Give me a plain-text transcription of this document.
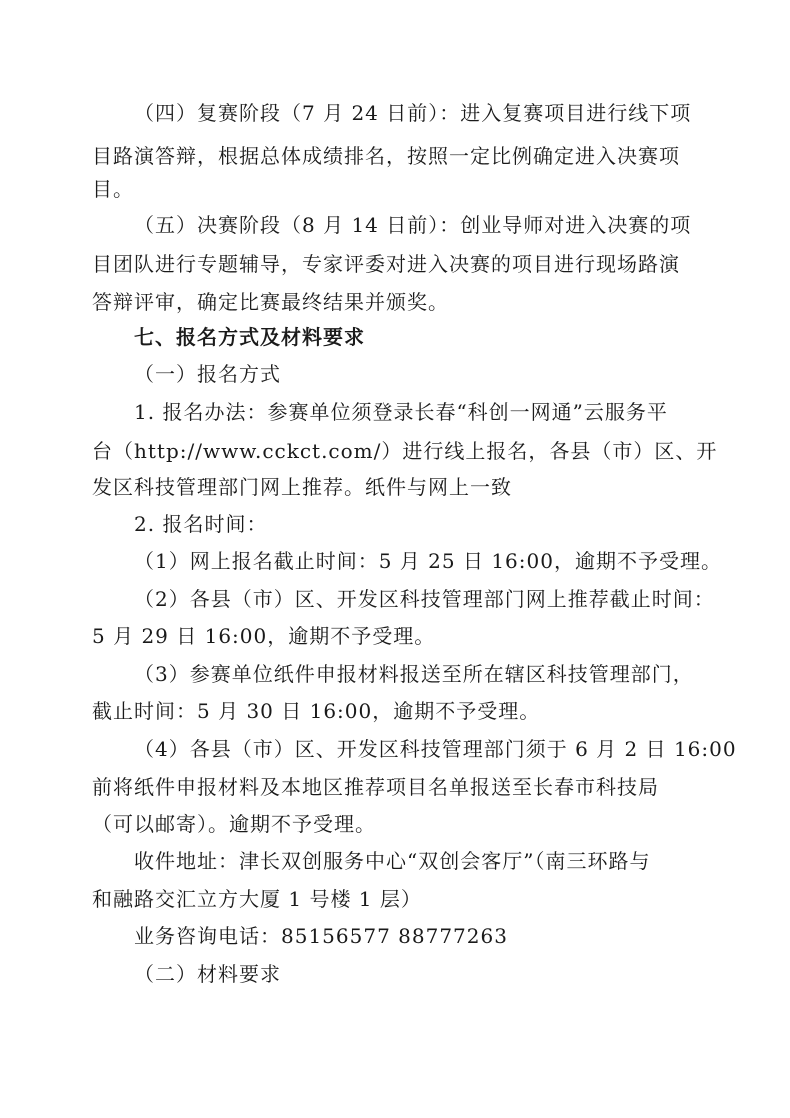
（四）复赛阶段（7 月 24 日前）：进入复赛项目进行线下项
目路演答辩，根据总体成绩排名，按照一定比例确定进入决赛项
目。
（五）决赛阶段（8 月 14 日前）：创业导师对进入决赛的项
目团队进行专题辅导，专家评委对进入决赛的项目进行现场路演
答辩评审，确定比赛最终结果并颁奖。
七、报名方式及材料要求
（一）报名方式
1. 报名办法：参赛单位须登录长春“科创一网通”云服务平
台（http://www.cckct.com/）进行线上报名，各县（市）区、开
发区科技管理部门网上推荐。纸件与网上一致
2. 报名时间：
（1）网上报名截止时间：5 月 25 日 16:00，逾期不予受理。
（2）各县（市）区、开发区科技管理部门网上推荐截止时间：
5 月 29 日 16:00，逾期不予受理。
（3）参赛单位纸件申报材料报送至所在辖区科技管理部门，
截止时间：5 月 30 日 16:00，逾期不予受理。
（4）各县（市）区、开发区科技管理部门须于 6 月 2 日 16:00
前将纸件申报材料及本地区推荐项目名单报送至长春市科技局
（可以邮寄）。逾期不予受理。
收件地址：津长双创服务中心“双创会客厅”（南三环路与
和融路交汇立方大厦 1 号楼 1 层）
业务咨询电话：85156577 88777263
（二）材料要求
